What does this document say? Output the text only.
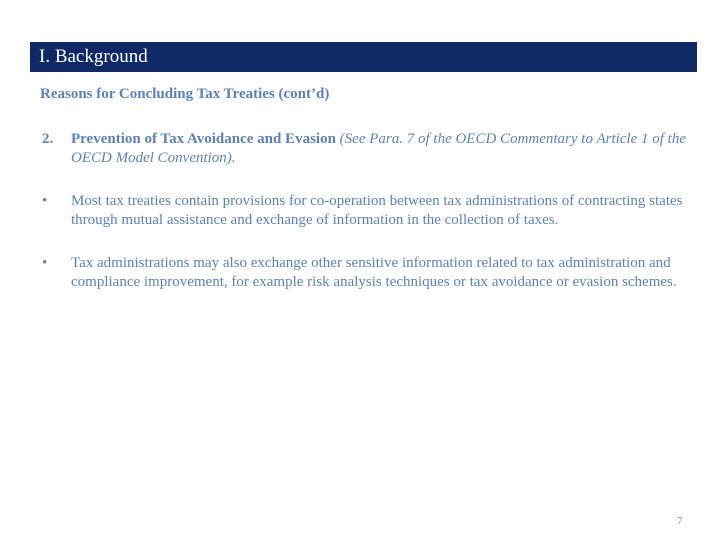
I. Background
Reasons for Concluding Tax Treaties (cont’d)
2. Prevention of Tax Avoidance and Evasion (See Para. 7 of the OECD Commentary to Article 1 of the OECD Model Convention).
• Most tax treaties contain provisions for co-operation between tax administrations of contracting states through mutual assistance and exchange of information in the collection of taxes.
• Tax administrations may also exchange other sensitive information related to tax administration and compliance improvement, for example risk analysis techniques or tax avoidance or evasion schemes.
7
